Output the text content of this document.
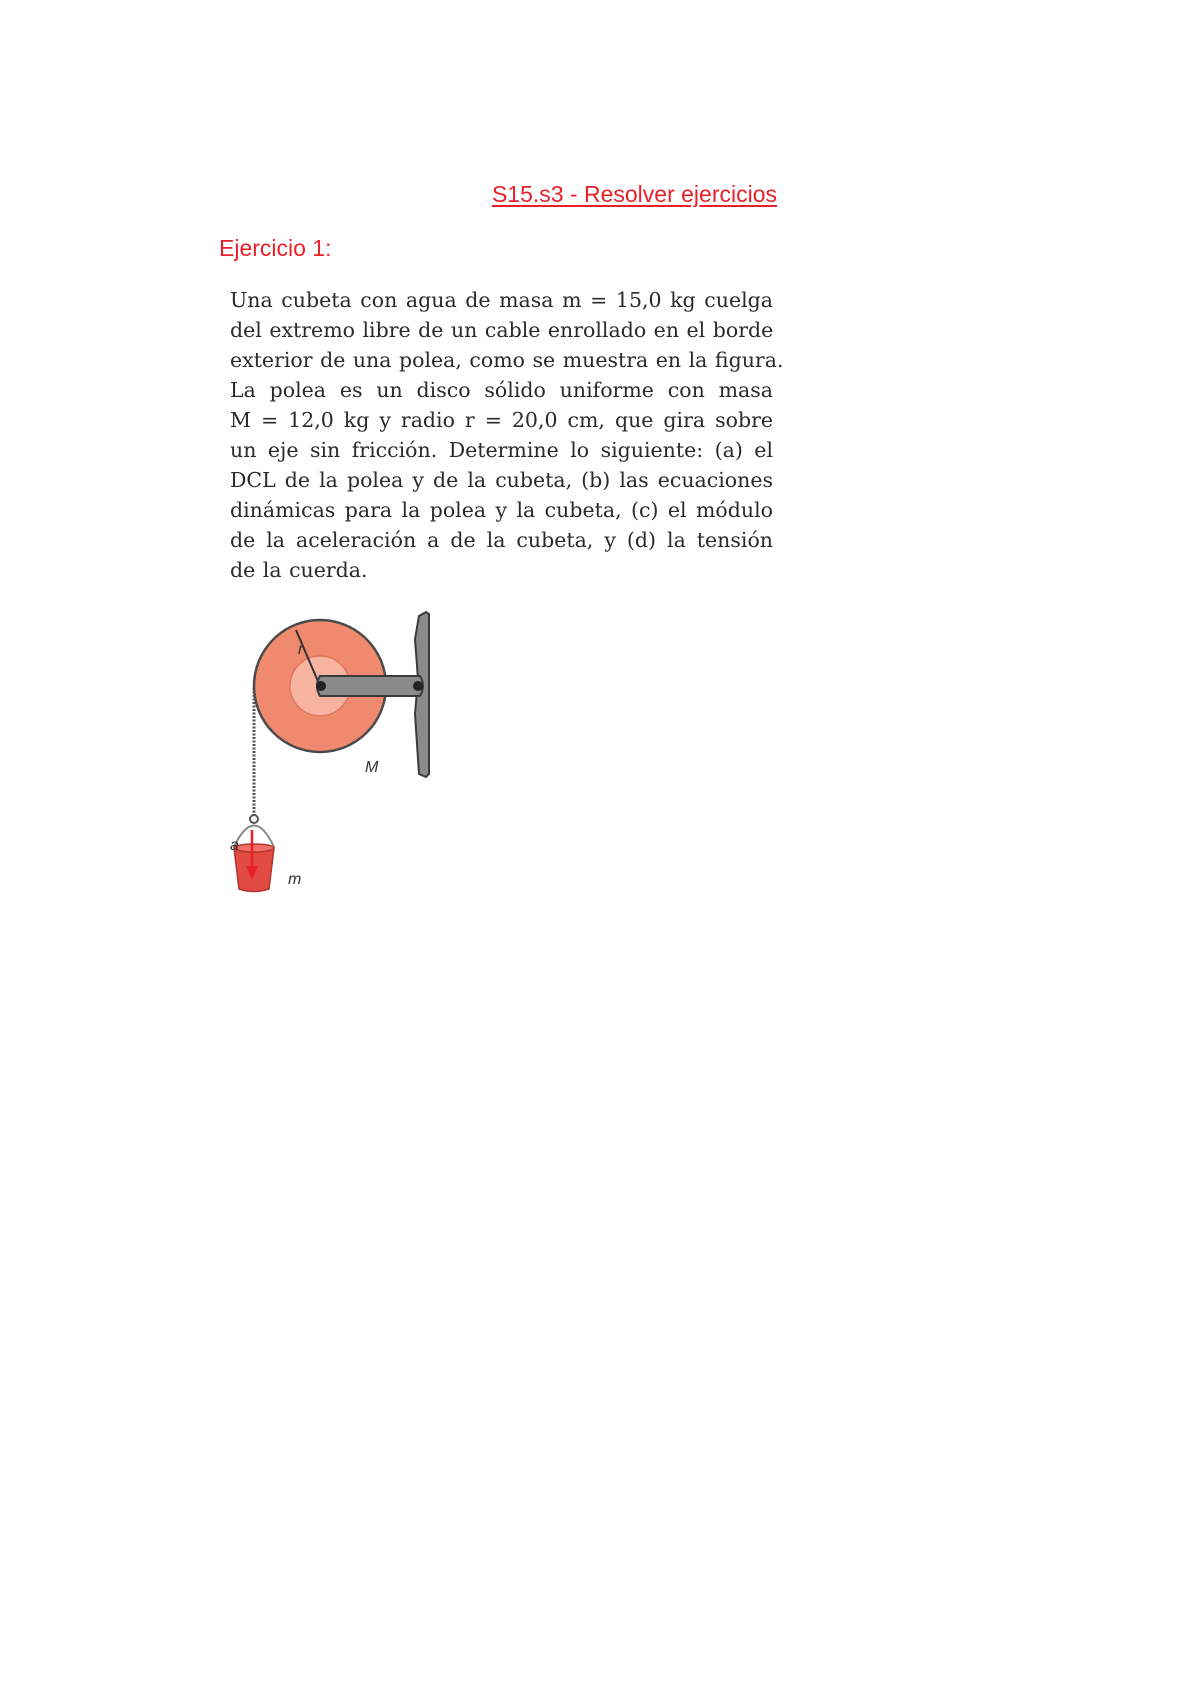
S15.s3 - Resolver ejercicios
Ejercicio 1:
Una cubeta con agua de masa m = 15,0 kg cuelga
del extremo libre de un cable enrollado en el borde
exterior de una polea, como se muestra en la figura.
La polea es un disco sólido uniforme con masa
M = 12,0 kg y radio r = 20,0 cm, que gira sobre
un eje sin fricción. Determine lo siguiente: (a) el
DCL de la polea y de la cubeta, (b) las ecuaciones
dinámicas para la polea y la cubeta, (c) el módulo
de la aceleración a de la cubeta, y (d) la tensión
de la cuerda.
r
M
a
m
